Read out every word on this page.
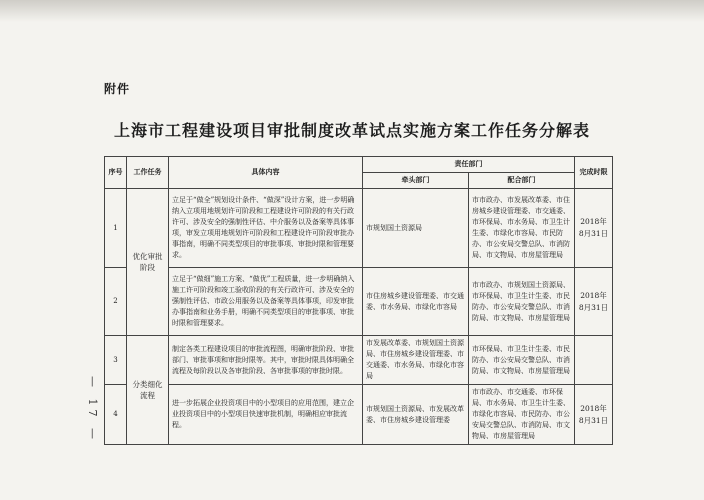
附件
上海市工程建设项目审批制度改革试点实施方案工作任务分解表
序号	工作任务	具体内容	责任部门		完成时限
			牵头部门	配合部门	
1	优化审批阶段	立足于“做全”规划设计条件、“做深”设计方案，进一步明确纳入立项用地规划许可阶段和工程建设许可阶段的有关行政许可、涉及安全的强制性评估、中介服务以及备案等具体事项，审发立项用地规划许可阶段和工程建设许可阶段审批办事指南，明确不同类型项目的审批事项、审批时限和管理要求。	市规划国土资源局	市市政办、市发展改革委、市住房城乡建设管理委、市交通委、市环保局、市水务局、市卫生计生委、市绿化市容局、市民防办、市公安局交警总队、市消防局、市文物局、市房屋管理局	2018年8月31日
2		立足于“做细”施工方案、“做优”工程质量，进一步明确纳入施工许可阶段和竣工验收阶段的有关行政许可、涉及安全的强制性评估、市政公用服务以及备案等具体事项，印发审批办事指南和业务手册，明确不同类型项目的审批事项、审批时限和管理要求。	市住房城乡建设管理委、市交通委、市水务局、市绿化市容局	市市政办、市规划国土资源局、市环保局、市卫生计生委、市民防办、市公安局交警总队、市消防局、市文物局、市房屋管理局	2018年8月31日
3	分类细化流程	制定各类工程建设项目的审批流程图，明确审批阶段、审批部门、审批事项和审批时限等。其中，审批时限具体明确全流程及每阶段以及各审批阶段、各审批事项的审批时限。	市发展改革委、市规划国土资源局、市住房城乡建设管理委、市交通委、市水务局、市绿化市容局	市环保局、市卫生计生委、市民防办、市公安局交警总队、市消防局、市文物局、市房屋管理局	
4		进一步拓展企业投资项目中的小型项目的应用范围，建立企业投资项目中的小型项目快速审批机制，明确相应审批流程。	市规划国土资源局、市发展改革委、市住房城乡建设管理委	市市政办、市交通委、市环保局、市水务局、市卫生计生委、市绿化市容局、市民防办、市公安局交警总队、市消防局、市文物局、市房屋管理局	2018年8月31日
— 17 —
